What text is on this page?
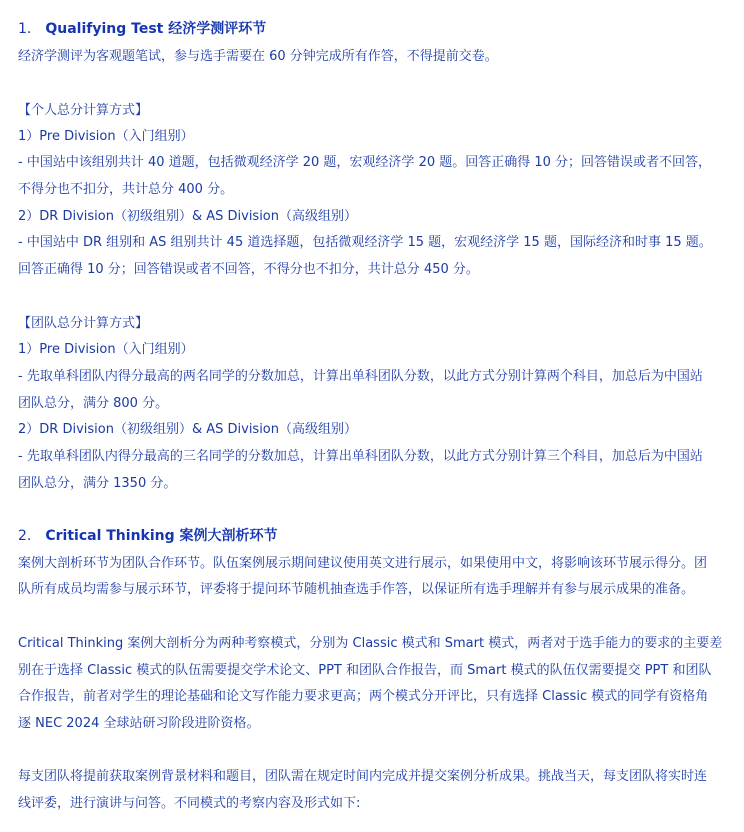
1. Qualifying Test 经济学测评环节
经济学测评为客观题笔试，参与选手需要在 60 分钟完成所有作答，不得提前交卷。
【个人总分计算方式】
1）Pre Division（入门组别）
- 中国站中该组别共计 40 道题，包括微观经济学 20 题，宏观经济学 20 题。回答正确得 10 分；回答错误或者不回答，
不得分也不扣分，共计总分 400 分。
2）DR Division（初级组别）& AS Division（高级组别）
- 中国站中 DR 组别和 AS 组别共计 45 道选择题，包括微观经济学 15 题，宏观经济学 15 题，国际经济和时事 15 题。
回答正确得 10 分；回答错误或者不回答，不得分也不扣分，共计总分 450 分。
【团队总分计算方式】
1）Pre Division（入门组别）
- 先取单科团队内得分最高的两名同学的分数加总，计算出单科团队分数，以此方式分别计算两个科目，加总后为中国站
团队总分，满分 800 分。
2）DR Division（初级组别）& AS Division（高级组别）
- 先取单科团队内得分最高的三名同学的分数加总，计算出单科团队分数，以此方式分别计算三个科目，加总后为中国站
团队总分，满分 1350 分。
2. Critical Thinking 案例大剖析环节
案例大剖析环节为团队合作环节。队伍案例展示期间建议使用英文进行展示，如果使用中文，将影响该环节展示得分。团
队所有成员均需参与展示环节，评委将于提问环节随机抽查选手作答，以保证所有选手理解并有参与展示成果的准备。
Critical Thinking 案例大剖析分为两种考察模式，分别为 Classic 模式和 Smart 模式，两者对于选手能力的要求的主要差
别在于选择 Classic 模式的队伍需要提交学术论文、PPT 和团队合作报告，而 Smart 模式的队伍仅需要提交 PPT 和团队
合作报告，前者对学生的理论基础和论文写作能力要求更高；两个模式分开评比，只有选择 Classic 模式的同学有资格角
逐 NEC 2024 全球站研习阶段进阶资格。
每支团队将提前获取案例背景材料和题目，团队需在规定时间内完成并提交案例分析成果。挑战当天，每支团队将实时连
线评委，进行演讲与问答。不同模式的考察内容及形式如下:
